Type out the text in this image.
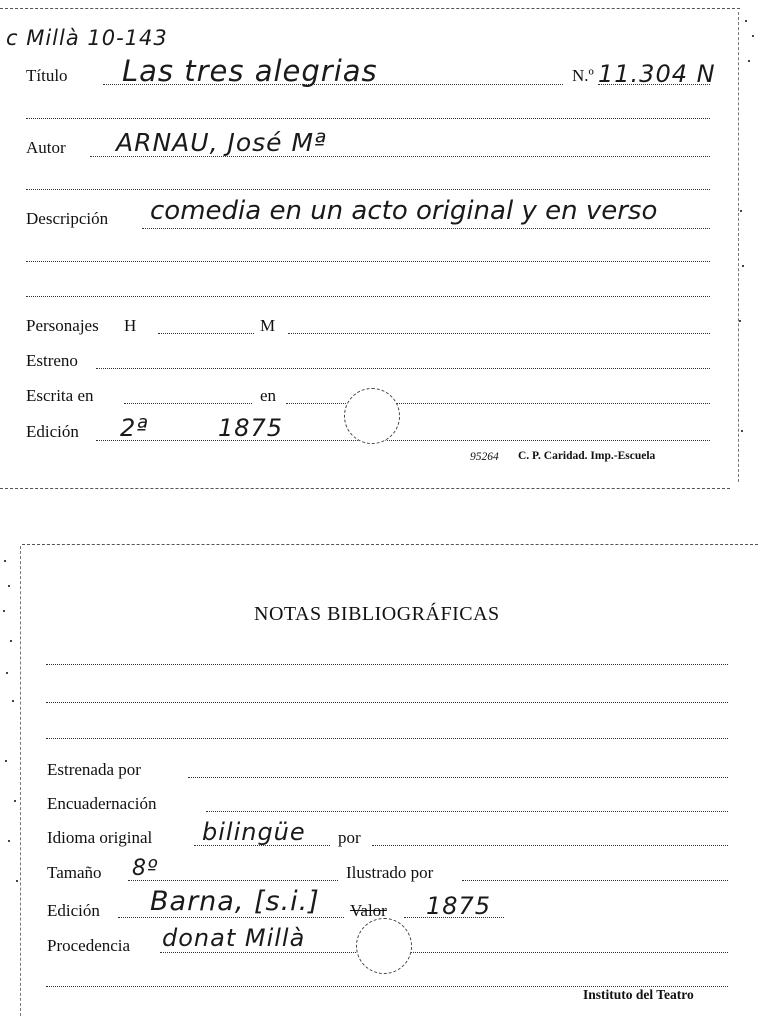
c Millà 10-143
Título Las tres alegrias	N.º 11.304 N
Autor ARNAU, José Mª
Descripción comedia en un acto original y en verso
Personajes H	M
Estreno
Escrita en	en
Edición 2ª	1875
95264 C. P. Caridad. Imp.-Escuela
NOTAS BIBLIOGRÁFICAS
Estrenada por
Encuadernación
Idioma original bilingüe por
Tamaño 8º	Ilustrado por
Edición Barna, [s.i.] Valor 1875
Procedencia donat Millà
Instituto del Teatro
